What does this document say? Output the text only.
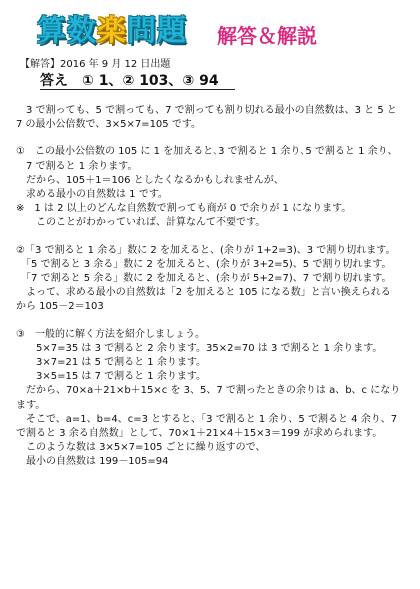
算数楽問題 解答＆解説
【解答】2016 年 9 月 12 日出題
答え　① 1、② 103、③ 94

　3 で割っても、5 で割っても、7 で割っても割り切れる最小の自然数は、3 と 5 と

7 の最小公倍数で、3×5×7=105 です。

①　この最小公倍数の 105 に 1 を加えると､3 で割ると 1 余り､5 で割ると 1 余り、

　7 で割ると 1 余ります。

　だから、105＋1＝106 としたくなるかもしれませんが、

　求める最小の自然数は 1 です。

※　1 は 2 以上のどんな自然数で割っても商が 0 で余りが 1 になります。

　　このことがわかっていれば、計算なんて不要です。

②「3 で割ると 1 余る」数に 2 を加えると、(余りが 1+2=3)、3 で割り切れます。

　「5 で割ると 3 余る」数に 2 を加えると、(余りが 3+2=5)、5 で割り切れます。

　「7 で割ると 5 余る」数に 2 を加えると、(余りが 5+2=7)、7 で割り切れます。

　よって、求める最小の自然数は「2 を加えると 105 になる数」と言い換えられる

から 105－2＝103

③　一般的に解く方法を紹介しましょう。

　　5×7=35 は 3 で割ると 2 余ります。35×2=70 は 3 で割ると 1 余ります。

　　3×7=21 は 5 で割ると 1 余ります。

　　3×5=15 は 7 で割ると 1 余ります。

　だから、70×a＋21×b＋15×c を 3、5、7 で割ったときの余りは a、b、c になり

ます。

　そこで、a=1、b=4、c=3 とすると、｢3 で割ると 1 余り、5 で割ると 4 余り、7

で割ると 3 余る自然数」として、70×1＋21×4＋15×3＝199 が求められます。

　このような数は 3×5×7=105 ごとに繰り返すので、

　最小の自然数は 199－105=94
